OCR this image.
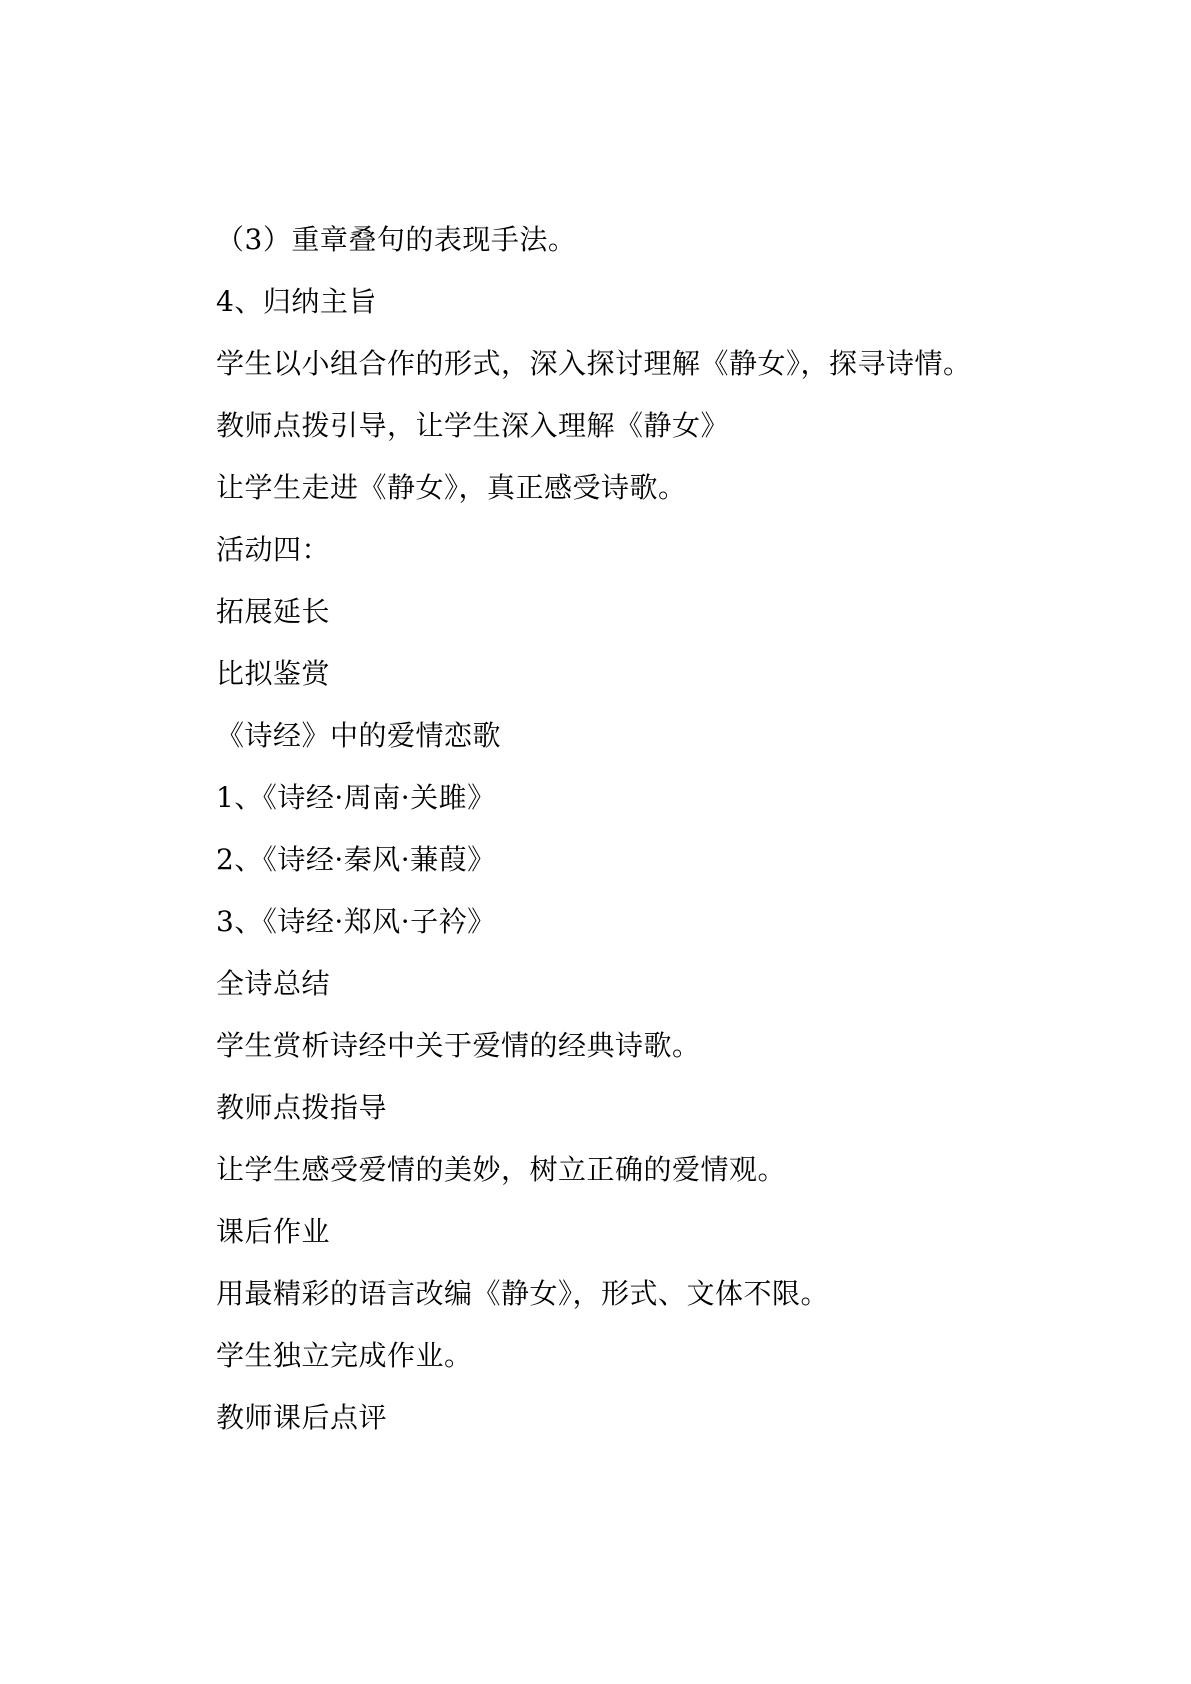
（3）重章叠句的表现手法。
4、归纳主旨
学生以小组合作的形式，深入探讨理解《静女》，探寻诗情。
教师点拨引导，让学生深入理解《静女》
让学生走进《静女》，真正感受诗歌。
活动四：
拓展延长
比拟鉴赏
《诗经》中的爱情恋歌
1、《诗经·周南·关雎》
2、《诗经·秦风·蒹葭》
3、《诗经·郑风·子衿》
全诗总结
学生赏析诗经中关于爱情的经典诗歌。
教师点拨指导
让学生感受爱情的美妙，树立正确的爱情观。
课后作业
用最精彩的语言改编《静女》，形式、文体不限。
学生独立完成作业。
教师课后点评
